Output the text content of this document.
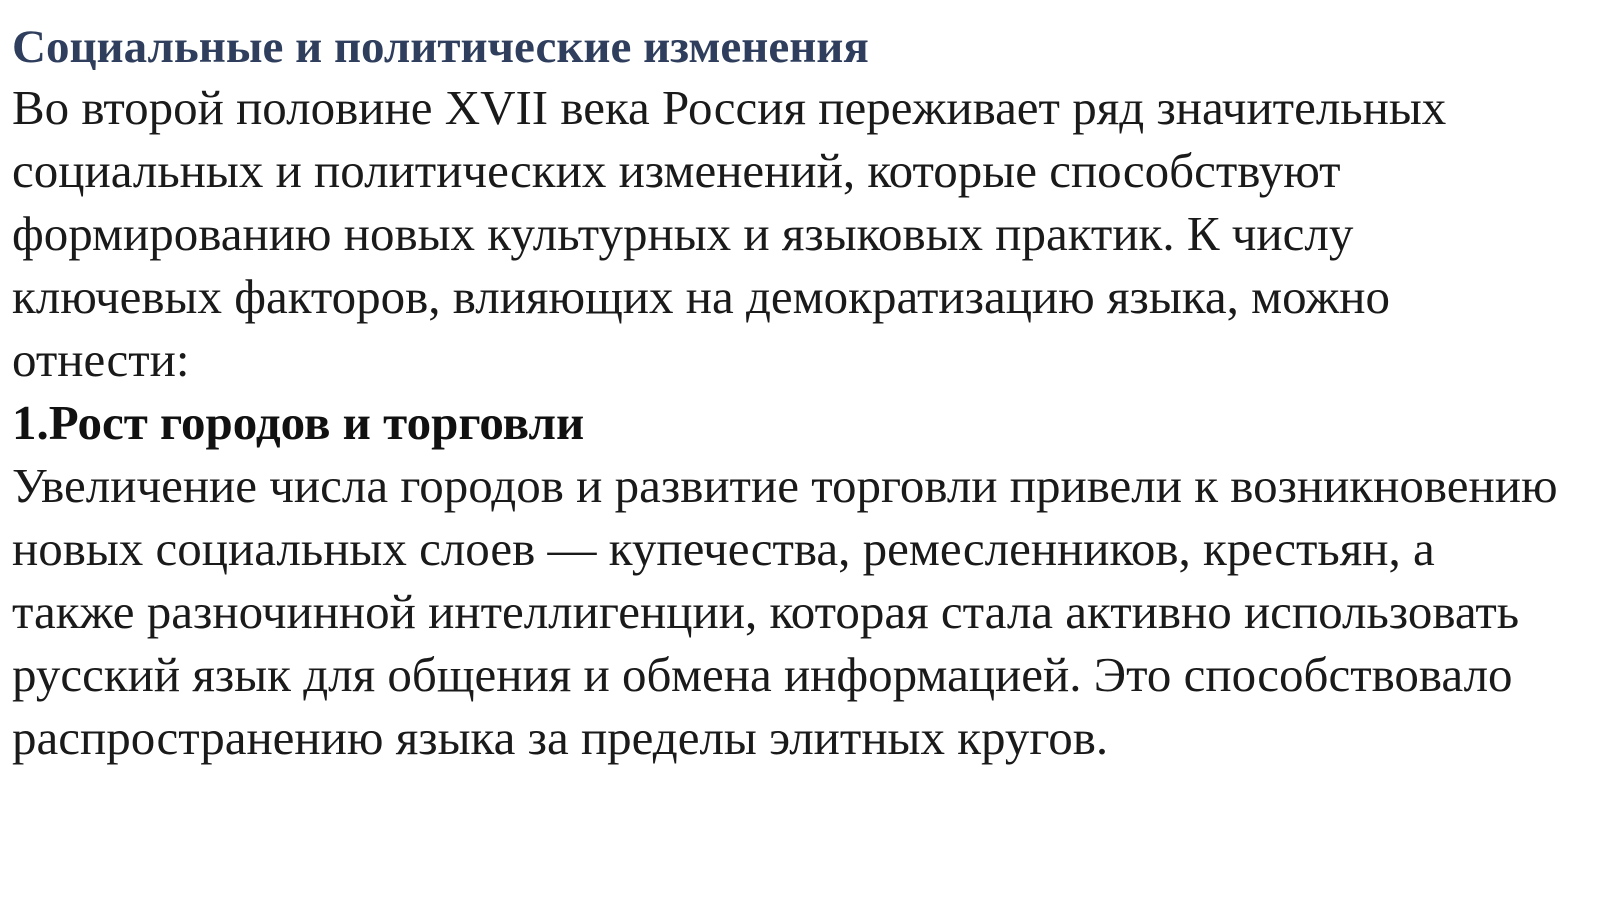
Социальные и политические изменения

Во второй половине XVII века Россия переживает ряд значительных социальных и политических изменений, которые способствуют формированию новых культурных и языковых практик. К числу ключевых факторов, влияющих на демократизацию языка, можно отнести:

1.Рост городов и торговли

Увеличение числа городов и развитие торговли привели к возникновению новых социальных слоев — купечества, ремесленников, крестьян, а также разночинной интеллигенции, которая стала активно использовать русский язык для общения и обмена информацией. Это способствовало распространению языка за пределы элитных кругов.
